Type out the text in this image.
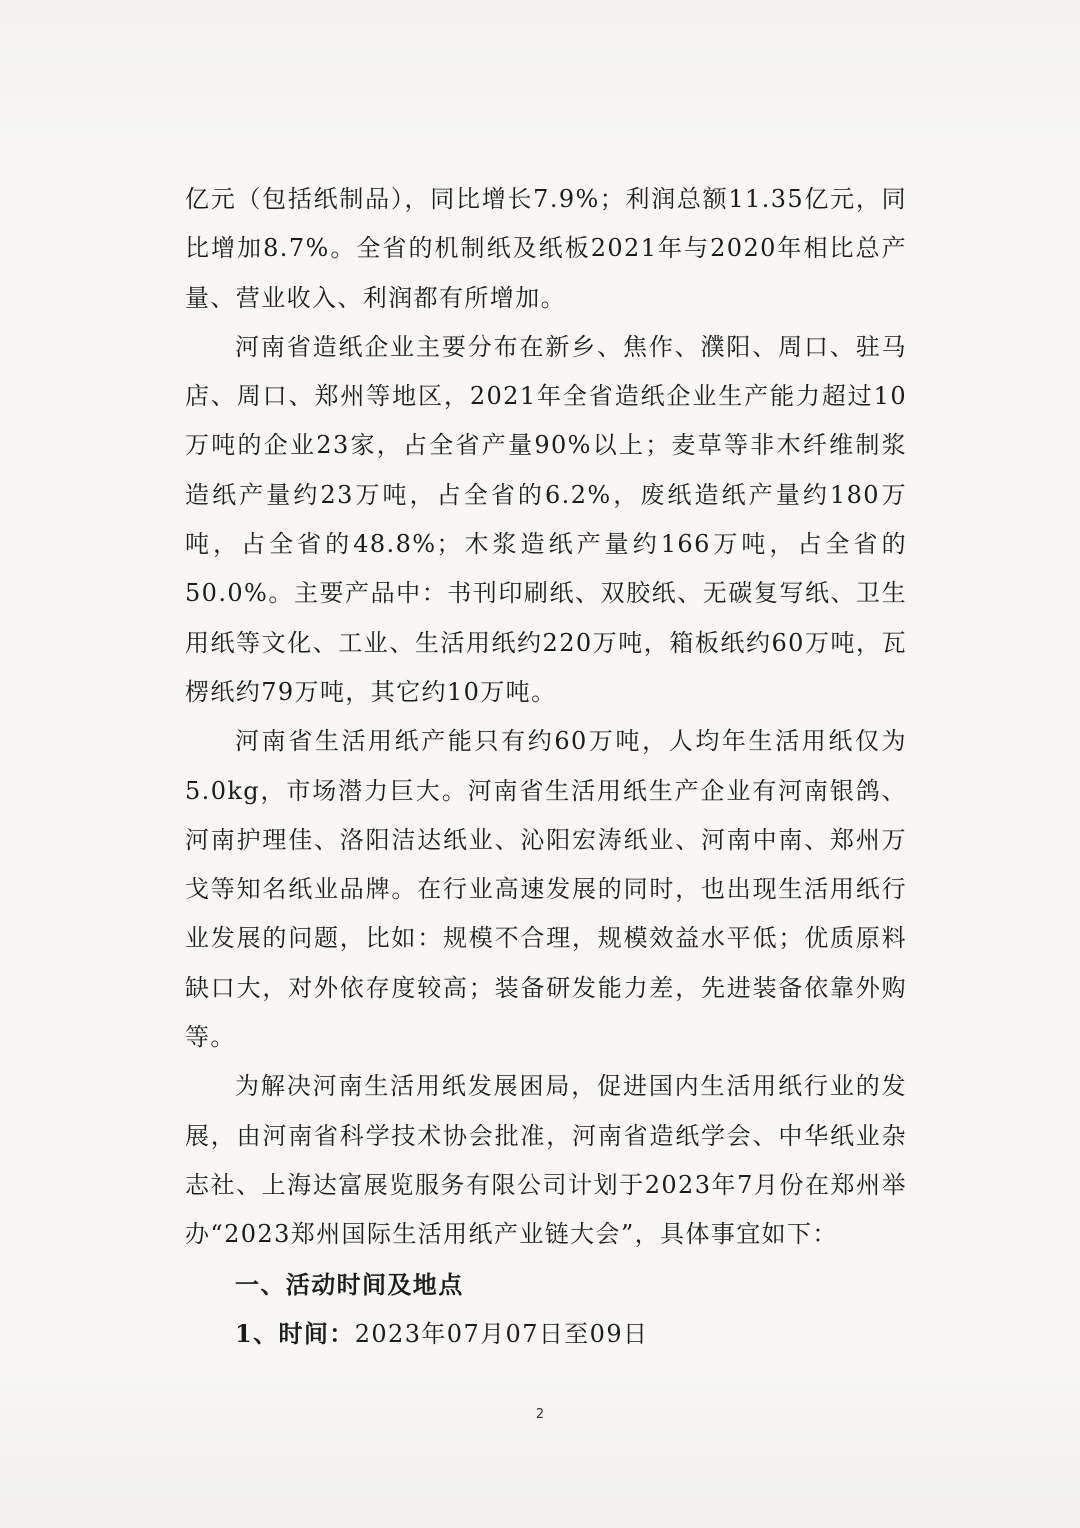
亿元（包括纸制品），同比增长7.9%；利润总额11.35亿元，同比增加8.7%。全省的机制纸及纸板2021年与2020年相比总产量、营业收入、利润都有所增加。

河南省造纸企业主要分布在新乡、焦作、濮阳、周口、驻马店、周口、郑州等地区，2021年全省造纸企业生产能力超过10万吨的企业23家，占全省产量90%以上；麦草等非木纤维制浆造纸产量约23万吨，占全省的6.2%，废纸造纸产量约180万吨，占全省的48.8%；木浆造纸产量约166万吨，占全省的50.0%。主要产品中：书刊印刷纸、双胶纸、无碳复写纸、卫生用纸等文化、工业、生活用纸约220万吨，箱板纸约60万吨，瓦楞纸约79万吨，其它约10万吨。

河南省生活用纸产能只有约60万吨，人均年生活用纸仅为5.0kg，市场潜力巨大。河南省生活用纸生产企业有河南银鸽、河南护理佳、洛阳洁达纸业、沁阳宏涛纸业、河南中南、郑州万戈等知名纸业品牌。在行业高速发展的同时，也出现生活用纸行业发展的问题，比如：规模不合理，规模效益水平低；优质原料缺口大，对外依存度较高；装备研发能力差，先进装备依靠外购等。

为解决河南生活用纸发展困局，促进国内生活用纸行业的发展，由河南省科学技术协会批准，河南省造纸学会、中华纸业杂志社、上海达富展览服务有限公司计划于2023年7月份在郑州举办“2023郑州国际生活用纸产业链大会”，具体事宜如下：

一、活动时间及地点

1、时间：2023年07月07日至09日

2
